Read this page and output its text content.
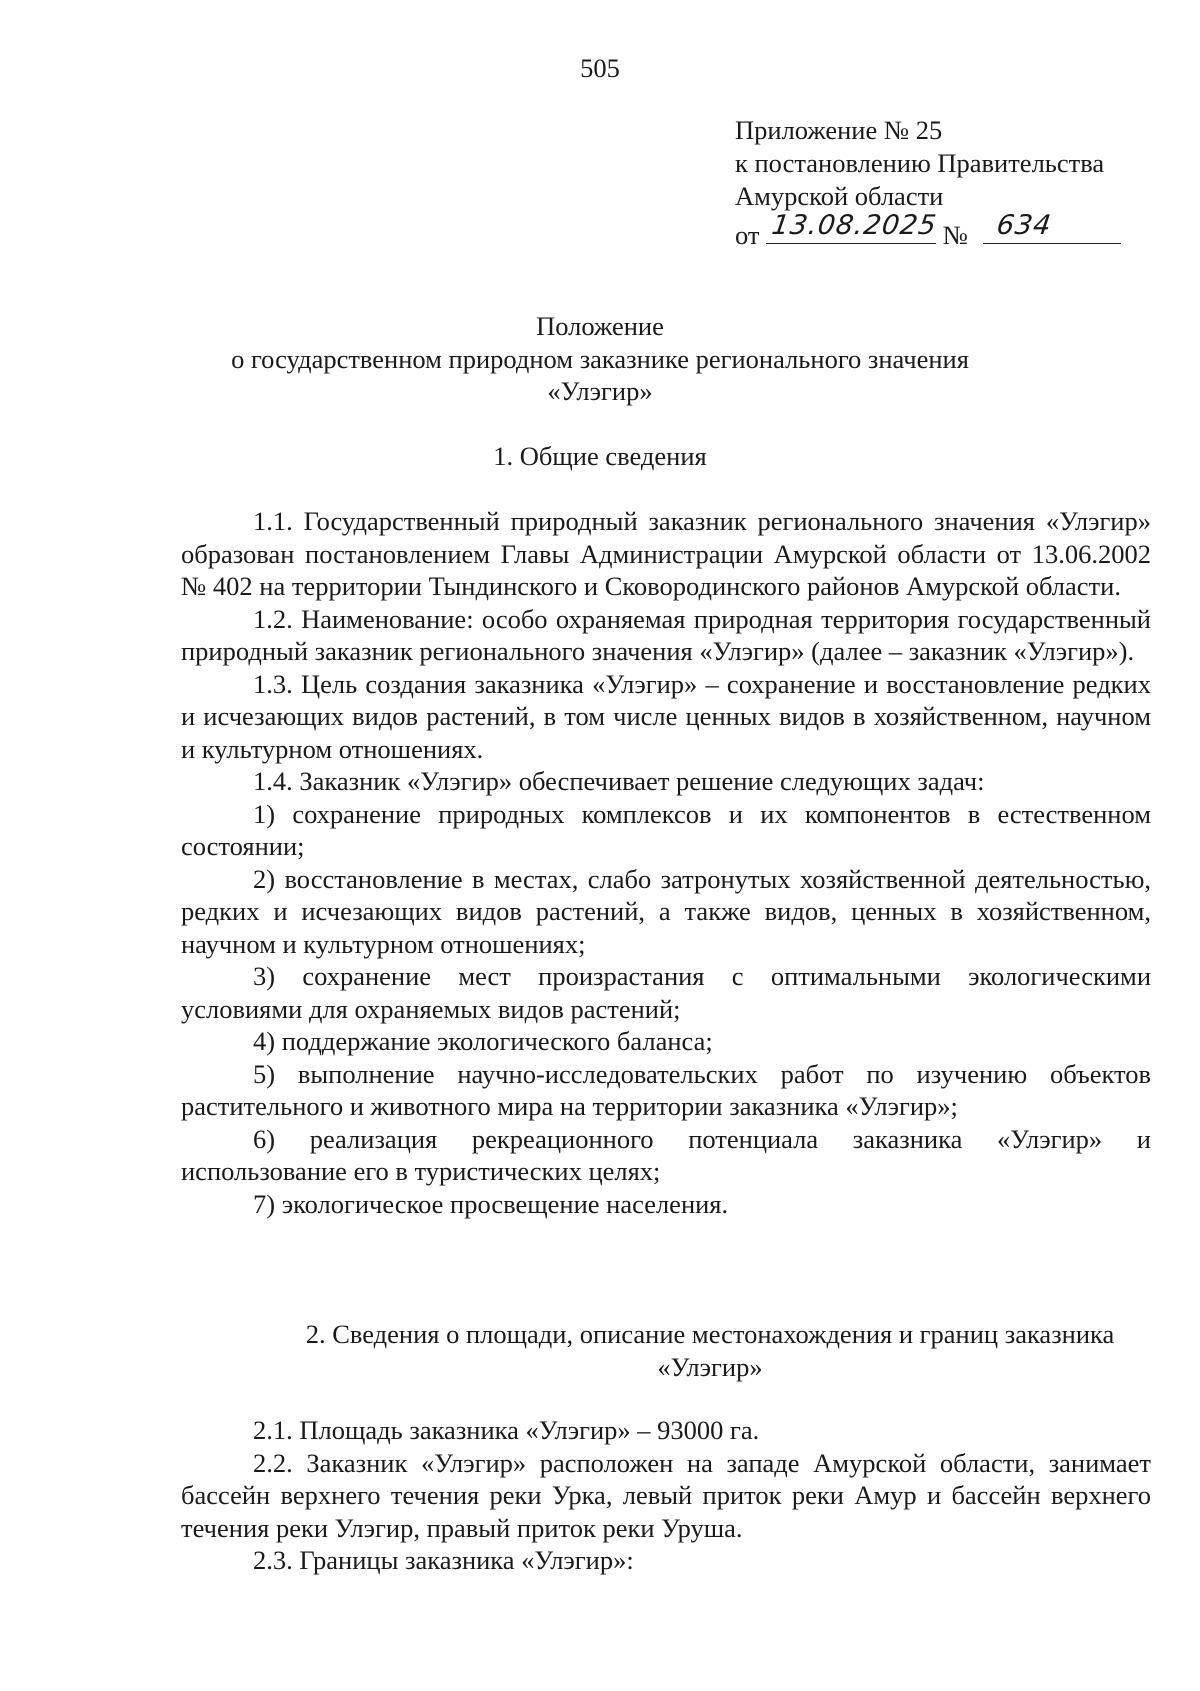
505
Приложение № 25
к постановлению Правительства
Амурской области
от 13.08.2025 № 634
Положение
о государственном природном заказнике регионального значения
«Улэгир»
1. Общие сведения

1.1. Государственный природный заказник регионального значения «Улэгир» образован постановлением Главы Администрации Амурской области от 13.06.2002 № 402 на территории Тындинского и Сковородинского районов Амурской области.

1.2. Наименование: особо охраняемая природная территория государственный природный заказник регионального значения «Улэгир» (далее – заказник «Улэгир»).

1.3. Цель создания заказника «Улэгир» – сохранение и восстановление редких и исчезающих видов растений, в том числе ценных видов в хозяйственном, научном и культурном отношениях.

1.4. Заказник «Улэгир» обеспечивает решение следующих задач:

1) сохранение природных комплексов и их компонентов в естественном состоянии;

2) восстановление в местах, слабо затронутых хозяйственной деятельностью, редких и исчезающих видов растений, а также видов, ценных в хозяйственном, научном и культурном отношениях;

3) сохранение мест произрастания с оптимальными экологическими условиями для охраняемых видов растений;

4) поддержание экологического баланса;

5) выполнение научно-исследовательских работ по изучению объектов растительного и животного мира на территории заказника «Улэгир»;

6) реализация рекреационного потенциала заказника «Улэгир» и использование его в туристических целях;

7) экологическое просвещение населения.

2. Сведения о площади, описание местонахождения и границ заказника
«Улэгир»

2.1. Площадь заказника «Улэгир» – 93000 га.

2.2. Заказник «Улэгир» расположен на западе Амурской области, занимает бассейн верхнего течения реки Урка, левый приток реки Амур и бассейн верхнего течения реки Улэгир, правый приток реки Уруша.

2.3. Границы заказника «Улэгир»:
